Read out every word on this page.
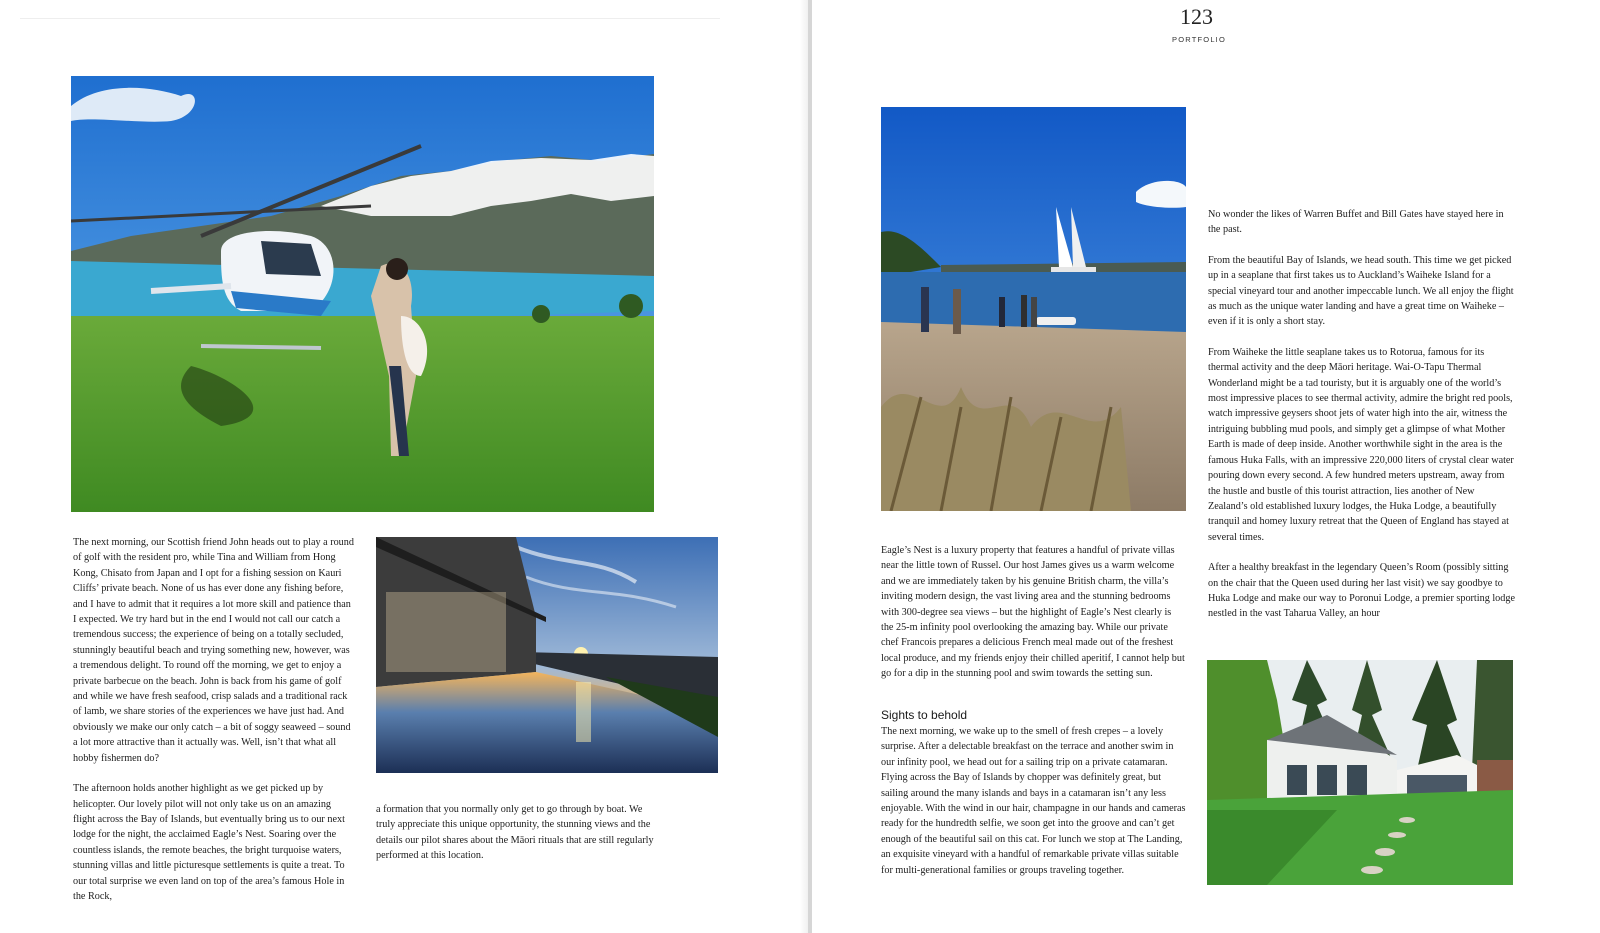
123
PORTFOLIO

The next morning, our Scottish friend John heads out to play a round of golf with the resident pro, while Tina and William from Hong Kong, Chisato from Japan and I opt for a fishing session on Kauri Cliffs’ private beach. None of us has ever done any fishing before, and I have to admit that it requires a lot more skill and patience than I expected. We try hard but in the end I would not call our catch a tremendous success; the experience of being on a totally secluded, stunningly beautiful beach and trying something new, however, was a tremendous delight. To round off the morning, we get to enjoy a private barbecue on the beach. John is back from his game of golf and while we have fresh seafood, crisp salads and a traditional rack of lamb, we share stories of the experiences we have just had. And obviously we make our only catch – a bit of soggy seaweed – sound a lot more attractive than it actually was. Well, isn’t that what all hobby fishermen do?

The afternoon holds another highlight as we get picked up by helicopter. Our lovely pilot will not only take us on an amazing flight across the Bay of Islands, but eventually bring us to our next lodge for the night, the acclaimed Eagle’s Nest. Soaring over the countless islands, the remote beaches, the bright turquoise waters, stunning villas and little picturesque settlements is quite a treat. To our total surprise we even land on top of the area’s famous Hole in the Rock,

a formation that you normally only get to go through by boat. We truly appreciate this unique opportunity, the stunning views and the details our pilot shares about the Māori rituals that are still regularly performed at this location.

Eagle’s Nest is a luxury property that features a handful of private villas near the little town of Russel. Our host James gives us a warm welcome and we are immediately taken by his genuine British charm, the villa’s inviting modern design, the vast living area and the stunning bedrooms with 300-degree sea views – but the highlight of Eagle’s Nest clearly is the 25-m infinity pool overlooking the amazing bay. While our private chef Francois prepares a delicious French meal made out of the freshest local produce, and my friends enjoy their chilled aperitif, I cannot help but go for a dip in the stunning pool and swim towards the setting sun.

Sights to behold

The next morning, we wake up to the smell of fresh crepes – a lovely surprise. After a delectable breakfast on the terrace and another swim in our infinity pool, we head out for a sailing trip on a private catamaran. Flying across the Bay of Islands by chopper was definitely great, but sailing around the many islands and bays in a catamaran isn’t any less enjoyable. With the wind in our hair, champagne in our hands and cameras ready for the hundredth selfie, we soon get into the groove and can’t get enough of the beautiful sail on this cat. For lunch we stop at The Landing, an exquisite vineyard with a handful of remarkable private villas suitable for multi-generational families or groups traveling together.

No wonder the likes of Warren Buffet and Bill Gates have stayed here in the past.

From the beautiful Bay of Islands, we head south. This time we get picked up in a seaplane that first takes us to Auckland’s Waiheke Island for a special vineyard tour and another impeccable lunch. We all enjoy the flight as much as the unique water landing and have a great time on Waiheke – even if it is only a short stay.

From Waiheke the little seaplane takes us to Rotorua, famous for its thermal activity and the deep Māori heritage. Wai-O-Tapu Thermal Wonderland might be a tad touristy, but it is arguably one of the world’s most impressive places to see thermal activity, admire the bright red pools, watch impressive geysers shoot jets of water high into the air, witness the intriguing bubbling mud pools, and simply get a glimpse of what Mother Earth is made of deep inside. Another worthwhile sight in the area is the famous Huka Falls, with an impressive 220,000 liters of crystal clear water pouring down every second. A few hundred meters upstream, away from the hustle and bustle of this tourist attraction, lies another of New Zealand’s old established luxury lodges, the Huka Lodge, a beautifully tranquil and homey luxury retreat that the Queen of England has stayed at several times.

After a healthy breakfast in the legendary Queen’s Room (possibly sitting on the chair that the Queen used during her last visit) we say goodbye to Huka Lodge and make our way to Poronui Lodge, a premier sporting lodge nestled in the vast Taharua Valley, an hour
